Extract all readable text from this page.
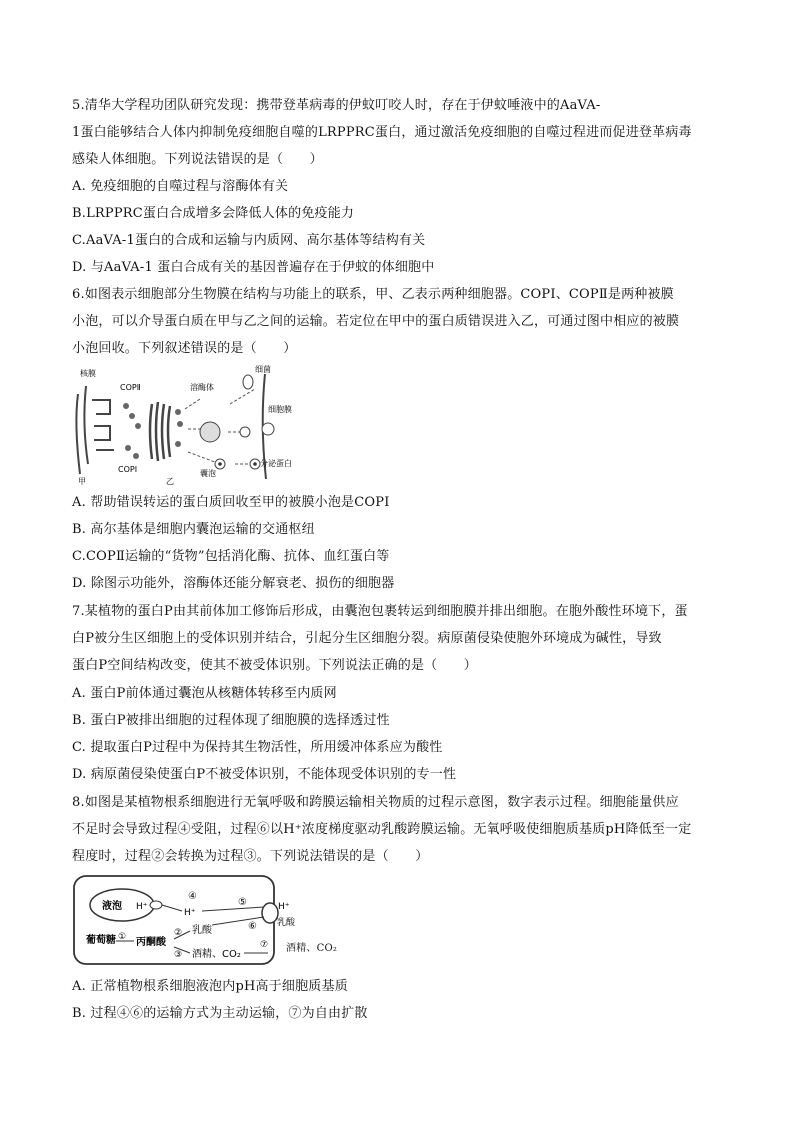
5.清华大学程功团队研究发现：携带登革病毒的伊蚊叮咬人时，存在于伊蚊唾液中的AaVA-
1蛋白能够结合人体内抑制免疫细胞自噬的LRPPRC蛋白，通过激活免疫细胞的自噬过程进而促进登革病毒
感染人体细胞。下列说法错误的是（　　）
A. 免疫细胞的自噬过程与溶酶体有关
B.LRPPRC蛋白合成增多会降低人体的免疫能力
C.AaVA-1蛋白的合成和运输与内质网、高尔基体等结构有关
D. 与AaVA-1 蛋白合成有关的基因普遍存在于伊蚊的体细胞中
6.如图表示细胞部分生物膜在结构与功能上的联系，甲、乙表示两种细胞器。COPⅠ、COPⅡ是两种被膜
小泡，可以介导蛋白质在甲与乙之间的运输。若定位在甲中的蛋白质错误进入乙，可通过图中相应的被膜
小泡回收。下列叙述错误的是（　　）
核膜
COPⅡ
COPⅠ
溶酶体
细菌
细胞膜
囊泡
分泌蛋白
甲	乙
A. 帮助错误转运的蛋白质回收至甲的被膜小泡是COPⅠ
B. 高尔基体是细胞内囊泡运输的交通枢纽
C.COPⅡ运输的“货物”包括消化酶、抗体、血红蛋白等
D. 除图示功能外，溶酶体还能分解衰老、损伤的细胞器
7.某植物的蛋白P由其前体加工修饰后形成，由囊泡包裹转运到细胞膜并排出细胞。在胞外酸性环境下，蛋
白P被分生区细胞上的受体识别并结合，引起分生区细胞分裂。病原菌侵染使胞外环境成为碱性，导致
蛋白P空间结构改变，使其不被受体识别。下列说法正确的是（　　）
A. 蛋白P前体通过囊泡从核糖体转移至内质网
B. 蛋白P被排出细胞的过程体现了细胞膜的选择透过性
C. 提取蛋白P过程中为保持其生物活性，所用缓冲体系应为酸性
D. 病原菌侵染使蛋白P不被受体识别，不能体现受体识别的专一性
8.如图是某植物根系细胞进行无氧呼吸和跨膜运输相关物质的过程示意图，数字表示过程。细胞能量供应
不足时会导致过程④受阻，过程⑥以H⁺浓度梯度驱动乳酸跨膜运输。无氧呼吸使细胞质基质pH降低至一定
程度时，过程②会转换为过程③。下列说法错误的是（　　）
液泡 H⁺
H⁺
④
⑤
⑥
H⁺
乳酸
葡萄糖 ① 丙酮酸
②
③
乳酸
酒精、CO₂
⑦ 酒精、CO₂
A. 正常植物根系细胞液泡内pH高于细胞质基质
B. 过程④⑥的运输方式为主动运输，⑦为自由扩散
